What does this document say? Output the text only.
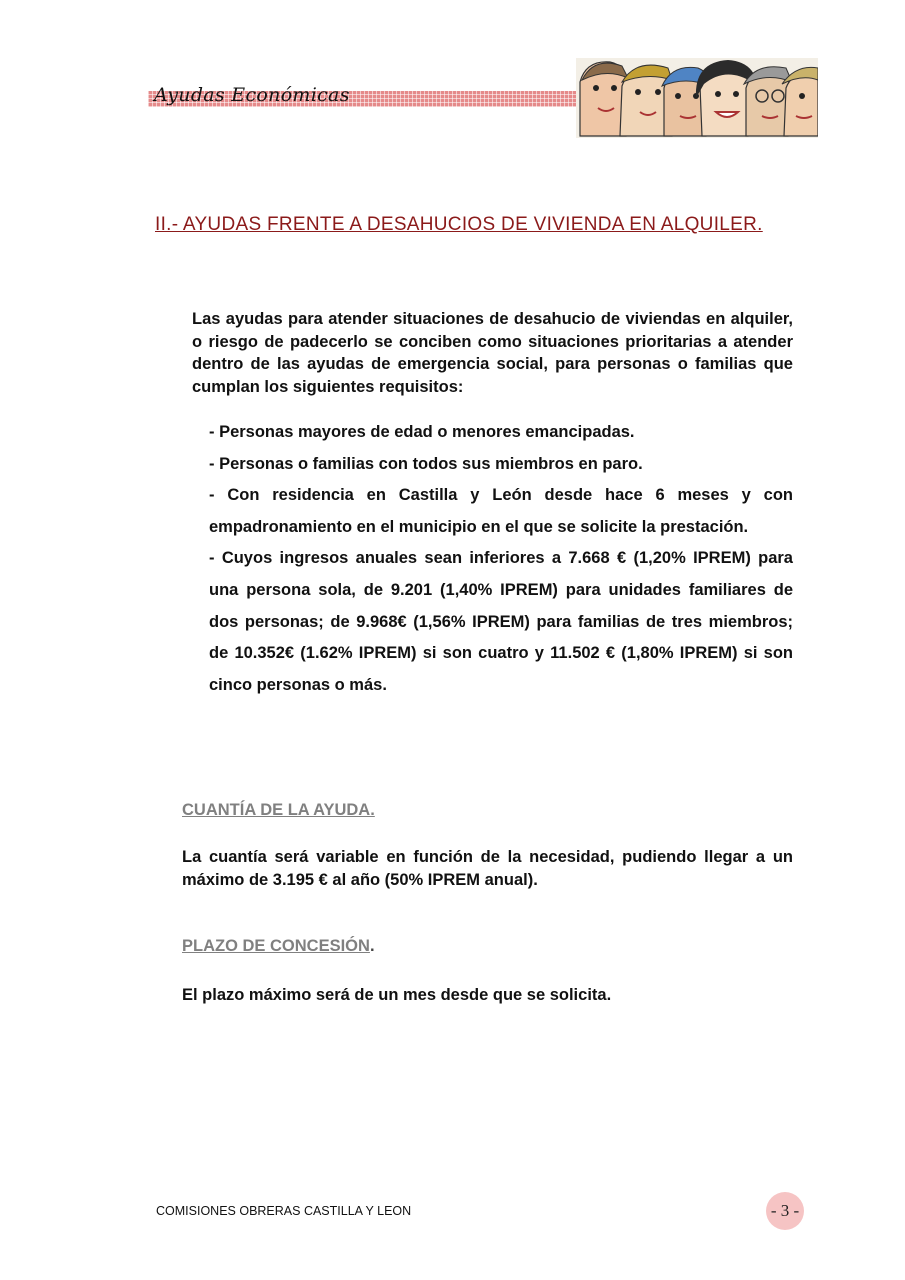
Ayudas Económicas
II.- AYUDAS FRENTE A DESAHUCIOS DE VIVIENDA EN ALQUILER.

Las ayudas para atender situaciones de desahucio de viviendas en alquiler, o riesgo de padecerlo se conciben como situaciones prioritarias a atender dentro de las ayudas de emergencia social, para personas o familias que cumplan los siguientes requisitos:

- Personas mayores de edad o menores emancipadas.
- Personas o familias con todos sus miembros en paro.
- Con residencia en Castilla y León desde hace 6 meses y con empadronamiento en el municipio en el que se solicite la prestación.
- Cuyos ingresos anuales sean inferiores a 7.668 € (1,20% IPREM) para una persona sola, de 9.201 (1,40% IPREM) para unidades familiares de dos personas; de 9.968€ (1,56% IPREM) para familias de tres miembros; de 10.352€ (1.62% IPREM) si son cuatro y 11.502 € (1,80% IPREM) si son cinco personas o más.
CUANTÍA DE LA AYUDA.

La cuantía será variable en función de la necesidad, pudiendo llegar a un máximo de 3.195 € al año (50% IPREM anual).

PLAZO DE CONCESIÓN.

El plazo máximo será de un mes desde que se solicita.

COMISIONES OBRERAS CASTILLA Y LEON	- 3 -
